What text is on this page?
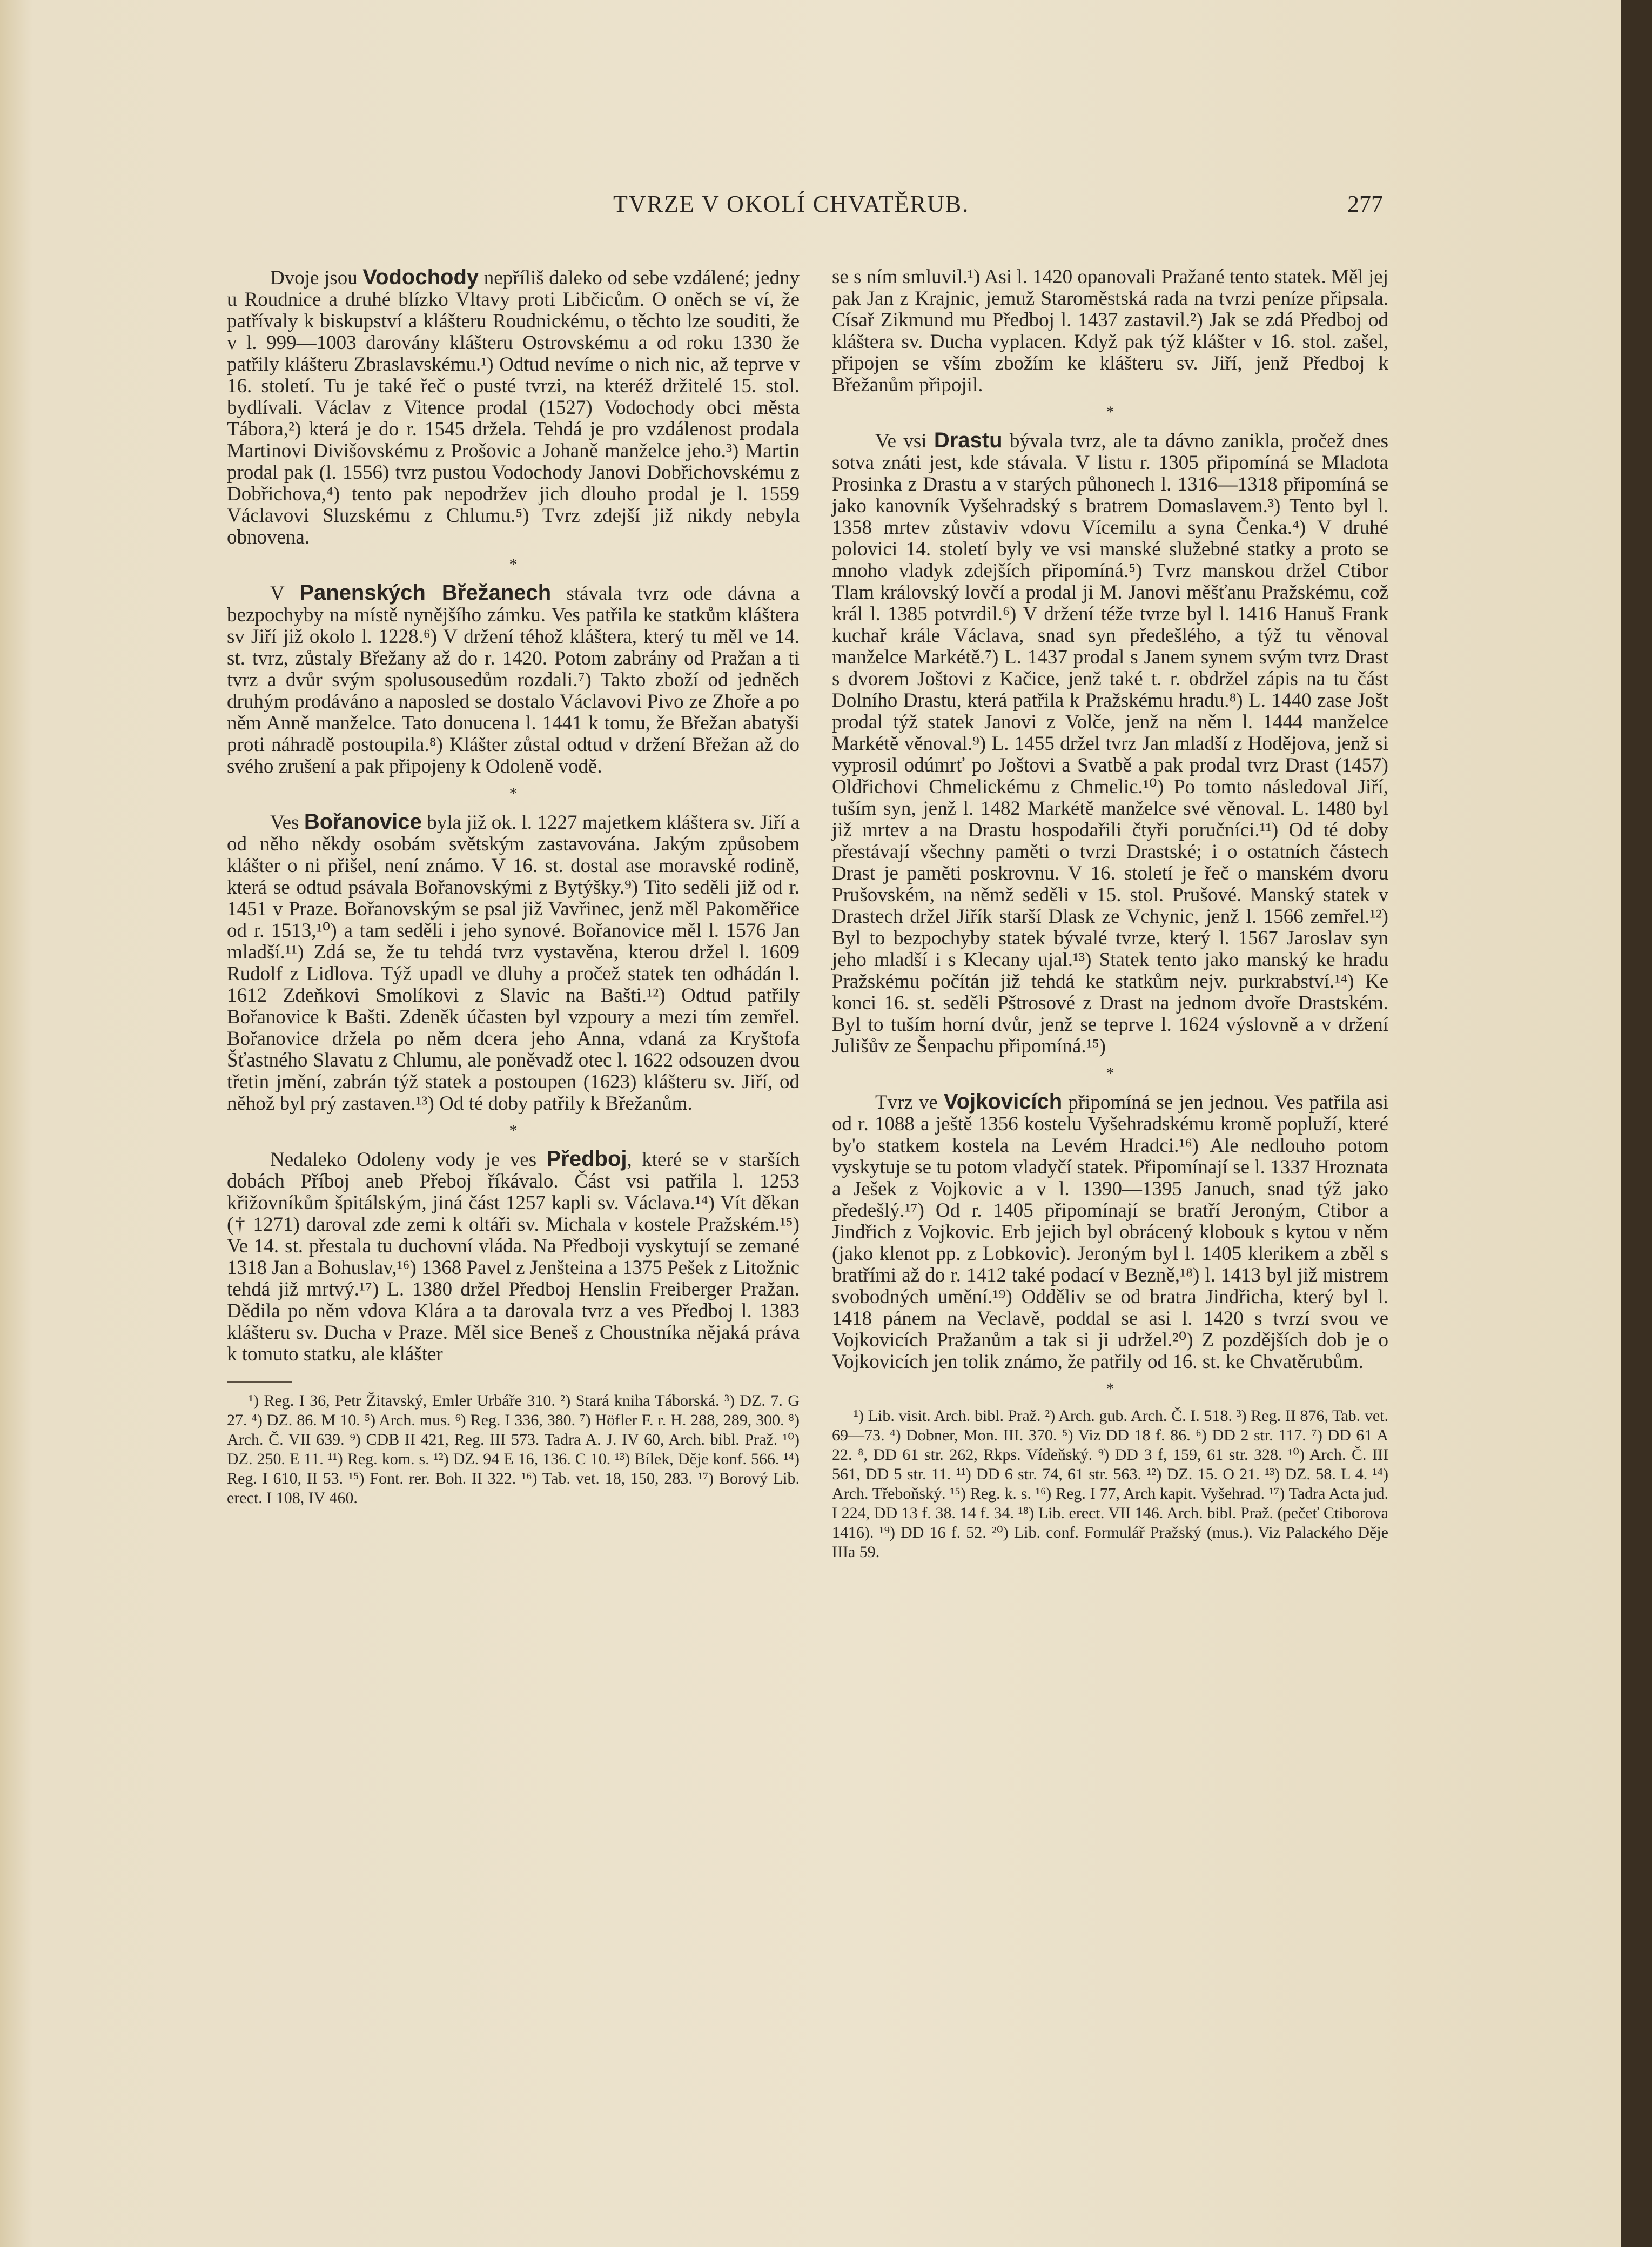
TVRZE V OKOLÍ CHVATĚRUB.	277

Dvoje jsou Vodochody nepříliš daleko od sebe vzdálené; jedny u Roudnice a druhé blízko Vltavy proti Libčicům. O oněch se ví, že patřívaly k biskupství a klášteru Roudnickému, o těchto lze souditi, že v l. 999—1003 darovány klášteru Ostrovskému a od roku 1330 že patřily klášteru Zbraslavskému.¹) Odtud nevíme o nich nic, až teprve v 16. století. Tu je také řeč o pusté tvrzi, na kteréž držitelé 15. stol. bydlívali. Václav z Vitence prodal (1527) Vodochody obci města Tábora,²) která je do r. 1545 držela. Tehdá je pro vzdálenost prodala Martinovi Divišovskému z Prošovic a Johaně manželce jeho.³) Martin prodal pak (l. 1556) tvrz pustou Vodochody Janovi Dobřichovskému z Dobřichova,⁴) tento pak nepodržev jich dlouho prodal je l. 1559 Václavovi Sluzskému z Chlumu.⁵) Tvrz zdejší již nikdy nebyla obnovena.

*

V Panenských Břežanech stávala tvrz ode dávna a bezpochyby na místě nynějšího zámku. Ves patřila ke statkům kláštera sv Jiří již okolo l. 1228.⁶) V držení téhož kláštera, který tu měl ve 14. st. tvrz, zůstaly Břežany až do r. 1420. Potom zabrány od Pražan a ti tvrz a dvůr svým spolusousedům rozdali.⁷) Takto zboží od jedněch druhým prodáváno a naposled se dostalo Václavovi Pivo ze Zhoře a po něm Anně manželce. Tato donucena l. 1441 k tomu, že Břežan abatyši proti náhradě postoupila.⁸) Klášter zůstal odtud v držení Břežan až do svého zrušení a pak připojeny k Odoleně vodě.

*

Ves Bořanovice byla již ok. l. 1227 majetkem kláštera sv. Jiří a od něho někdy osobám světským zastavována. Jakým způsobem klášter o ni přišel, není známo. V 16. st. dostal ase moravské rodině, která se odtud psávala Bořanovskými z Bytýšky.⁹) Tito seděli již od r. 1451 v Praze. Bořanovským se psal již Vavřinec, jenž měl Pakoměřice od r. 1513,¹⁰) a tam seděli i jeho synové. Bořanovice měl l. 1576 Jan mladší.¹¹) Zdá se, že tu tehdá tvrz vystavěna, kterou držel l. 1609 Rudolf z Lidlova. Týž upadl ve dluhy a pročež statek ten odhádán l. 1612 Zdeňkovi Smolíkovi z Slavic na Bašti.¹²) Odtud patřily Bořanovice k Bašti. Zdeněk účasten byl vzpoury a mezi tím zemřel. Bořanovice držela po něm dcera jeho Anna, vdaná za Kryštofa Šťastného Slavatu z Chlumu, ale poněvadž otec l. 1622 odsouzen dvou třetin jmění, zabrán týž statek a postoupen (1623) klášteru sv. Jiří, od něhož byl prý zastaven.¹³) Od té doby patřily k Břežanům.

*

Nedaleko Odoleny vody je ves Předboj, které se v starších dobách Příboj aneb Přeboj říkávalo. Část vsi patřila l. 1253 křižovníkům špitálským, jiná část 1257 kapli sv. Václava.¹⁴) Vít děkan († 1271) daroval zde zemi k oltáři sv. Michala v kostele Pražském.¹⁵) Ve 14. st. přestala tu duchovní vláda. Na Předboji vyskytují se zemané 1318 Jan a Bohuslav,¹⁶) 1368 Pavel z Jenšteina a 1375 Pešek z Litožnic tehdá již mrtvý.¹⁷) L. 1380 držel Předboj Henslin Freiberger Pražan. Dědila po něm vdova Klára a ta darovala tvrz a ves Předboj l. 1383 klášteru sv. Ducha v Praze. Měl sice Beneš z Choustníka nějaká práva k tomuto statku, ale klášter

¹) Reg. I 36, Petr Žitavský, Emler Urbáře 310. ²) Stará kniha Táborská. ³) DZ. 7. G 27. ⁴) DZ. 86. M 10. ⁵) Arch. mus. ⁶) Reg. I 336, 380. ⁷) Höfler F. r. H. 288, 289, 300. ⁸) Arch. Č. VII 639. ⁹) CDB II 421, Reg. III 573. Tadra A. J. IV 60, Arch. bibl. Praž. ¹⁰) DZ. 250. E 11. ¹¹) Reg. kom. s. ¹²) DZ. 94 E 16, 136. C 10. ¹³) Bílek, Děje konf. 566. ¹⁴) Reg. I 610, II 53. ¹⁵) Font. rer. Boh. II 322. ¹⁶) Tab. vet. 18, 150, 283. ¹⁷) Borový Lib. erect. I 108, IV 460.

se s ním smluvil.¹) Asi l. 1420 opanovali Pražané tento statek. Měl jej pak Jan z Krajnic, jemuž Staroměstská rada na tvrzi peníze připsala. Císař Zikmund mu Předboj l. 1437 zastavil.²) Jak se zdá Předboj od kláštera sv. Ducha vyplacen. Když pak týž klášter v 16. stol. zašel, připojen se vším zbožím ke klášteru sv. Jiří, jenž Předboj k Břežanům připojil.

*

Ve vsi Drastu bývala tvrz, ale ta dávno zanikla, pročež dnes sotva znáti jest, kde stávala. V listu r. 1305 připomíná se Mladota Prosinka z Drastu a v starých půhonech l. 1316—1318 připomíná se jako kanovník Vyšehradský s bratrem Domaslavem.³) Tento byl l. 1358 mrtev zůstaviv vdovu Vícemilu a syna Čenka.⁴) V druhé polovici 14. století byly ve vsi manské služebné statky a proto se mnoho vladyk zdejších připomíná.⁵) Tvrz manskou držel Ctibor Tlam královský lovčí a prodal ji M. Janovi měšťanu Pražskému, což král l. 1385 potvrdil.⁶) V držení téže tvrze byl l. 1416 Hanuš Frank kuchař krále Václava, snad syn předešlého, a týž tu věnoval manželce Markétě.⁷) L. 1437 prodal s Janem synem svým tvrz Drast s dvorem Joštovi z Kačice, jenž také t. r. obdržel zápis na tu část Dolního Drastu, která patřila k Pražskému hradu.⁸) L. 1440 zase Jošt prodal týž statek Janovi z Volče, jenž na něm l. 1444 manželce Markétě věnoval.⁹) L. 1455 držel tvrz Jan mladší z Hodějova, jenž si vyprosil odúmrť po Joštovi a Svatbě a pak prodal tvrz Drast (1457) Oldřichovi Chmelickému z Chmelic.¹⁰) Po tomto následoval Jiří, tuším syn, jenž l. 1482 Markétě manželce své věnoval. L. 1480 byl již mrtev a na Drastu hospodařili čtyři poručníci.¹¹) Od té doby přestávají všechny paměti o tvrzi Drastské; i o ostatních částech Drast je paměti poskrovnu. V 16. století je řeč o manském dvoru Prušovském, na němž seděli v 15. stol. Prušové. Manský statek v Drastech držel Jiřík starší Dlask ze Vchynic, jenž l. 1566 zemřel.¹²) Byl to bezpochyby statek bývalé tvrze, který l. 1567 Jaroslav syn jeho mladší i s Klecany ujal.¹³) Statek tento jako manský ke hradu Pražskému počítán již tehdá ke statkům nejv. purkrabství.¹⁴) Ke konci 16. st. seděli Pštrosové z Drast na jednom dvoře Drastském. Byl to tuším horní dvůr, jenž se teprve l. 1624 výslovně a v držení Julišův ze Šenpachu připomíná.¹⁵)

*

Tvrz ve Vojkovicích připomíná se jen jednou. Ves patřila asi od r. 1088 a ještě 1356 kostelu Vyšehradskému kromě popluží, které by'o statkem kostela na Levém Hradci.¹⁶) Ale nedlouho potom vyskytuje se tu potom vladyčí statek. Připomínají se l. 1337 Hroznata a Ješek z Vojkovic a v l. 1390—1395 Januch, snad týž jako předešlý.¹⁷) Od r. 1405 připomínají se bratří Jeroným, Ctibor a Jindřich z Vojkovic. Erb jejich byl obrácený klobouk s kytou v něm (jako klenot pp. z Lobkovic). Jeroným byl l. 1405 klerikem a zběl s bratřími až do r. 1412 také podací v Bezně,¹⁸) l. 1413 byl již mistrem svobodných umění.¹⁹) Odděliv se od bratra Jindřicha, který byl l. 1418 pánem na Veclavě, poddal se asi l. 1420 s tvrzí svou ve Vojkovicích Pražanům a tak si ji udržel.²⁰) Z pozdějších dob je o Vojkovicích jen tolik známo, že patřily od 16. st. ke Chvatěrubům.

*

¹) Lib. visit. Arch. bibl. Praž. ²) Arch. gub. Arch. Č. I. 518. ³) Reg. II 876, Tab. vet. 69—73. ⁴) Dobner, Mon. III. 370. ⁵) Viz DD 18 f. 86. ⁶) DD 2 str. 117. ⁷) DD 61 A 22. ⁸, DD 61 str. 262, Rkps. Vídeňský. ⁹) DD 3 f, 159, 61 str. 328. ¹⁰) Arch. Č. III 561, DD 5 str. 11. ¹¹) DD 6 str. 74, 61 str. 563. ¹²) DZ. 15. O 21. ¹³) DZ. 58. L 4. ¹⁴) Arch. Třeboňský. ¹⁵) Reg. k. s. ¹⁶) Reg. I 77, Arch kapit. Vyšehrad. ¹⁷) Tadra Acta jud. I 224, DD 13 f. 38. 14 f. 34. ¹⁸) Lib. erect. VII 146. Arch. bibl. Praž. (pečeť Ctiborova 1416). ¹⁹) DD 16 f. 52. ²⁰) Lib. conf. Formulář Pražský (mus.). Viz Palackého Děje IIIa 59.
